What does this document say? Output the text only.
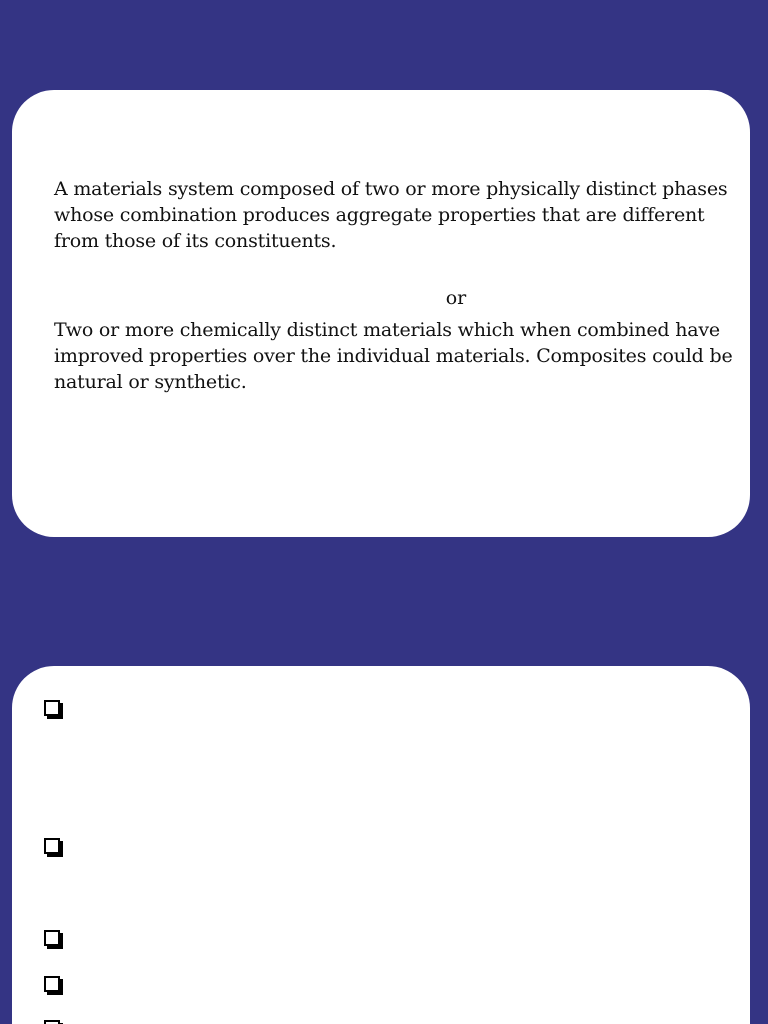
A materials system composed of two or more physically distinct phases whose combination produces aggregate properties that are different from those of its constituents.

or

Two or more chemically distinct materials which when combined have improved properties over the individual materials. Composites could be natural or synthetic.
